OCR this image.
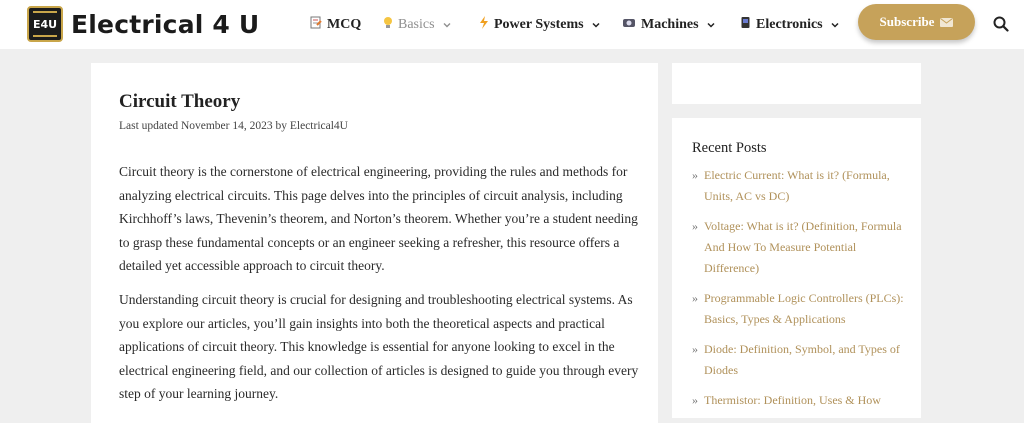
E4U Electrical 4 U	MCQ	Basics	Power Systems	Machines	Electronics	Subscribe
Circuit Theory
Last updated November 14, 2023 by Electrical4U

Circuit theory is the cornerstone of electrical engineering, providing the rules and methods for analyzing electrical circuits. This page delves into the principles of circuit analysis, including Kirchhoff’s laws, Thevenin’s theorem, and Norton’s theorem. Whether you’re a student needing to grasp these fundamental concepts or an engineer seeking a refresher, this resource offers a detailed yet accessible approach to circuit theory.

Understanding circuit theory is crucial for designing and troubleshooting electrical systems. As you explore our articles, you’ll gain insights into both the theoretical aspects and practical applications of circuit theory. This knowledge is essential for anyone looking to excel in the electrical engineering field, and our collection of articles is designed to guide you through every step of your learning journey.

Recent Posts
» Electric Current: What is it? (Formula, Units, AC vs DC)
» Voltage: What is it? (Definition, Formula And How To Measure Potential Difference)
» Programmable Logic Controllers (PLCs): Basics, Types & Applications
» Diode: Definition, Symbol, and Types of Diodes
» Thermistor: Definition, Uses & How
